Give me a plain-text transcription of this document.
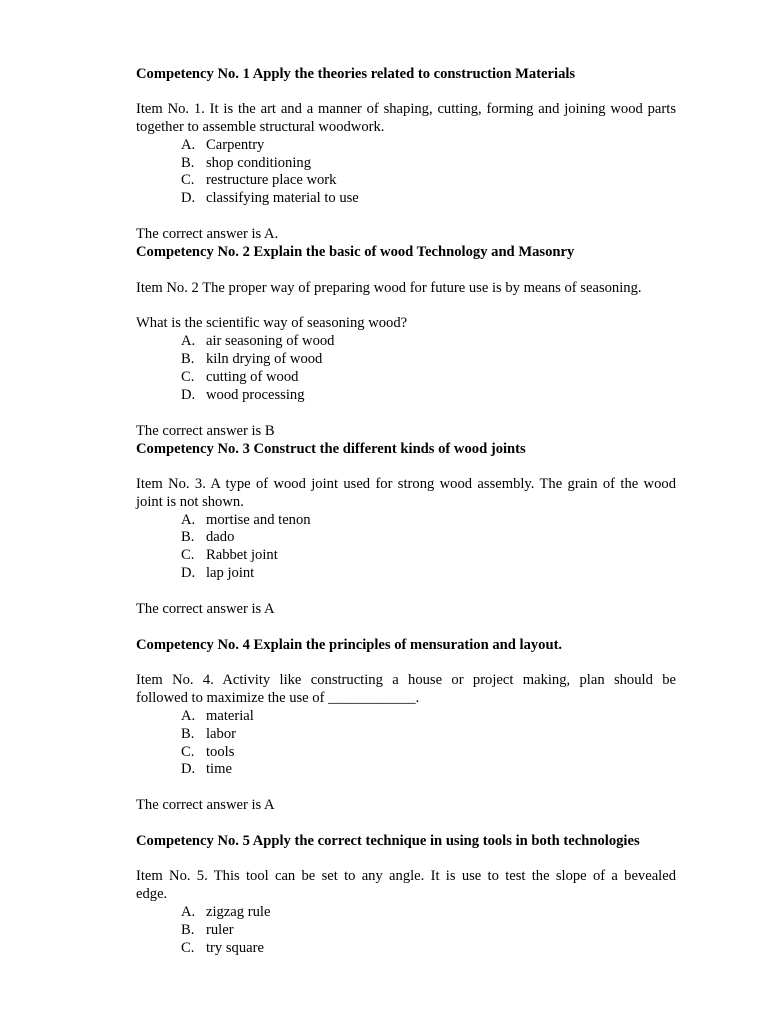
Competency No. 1 Apply the theories related to construction Materials
Item No. 1. It is the art and a manner of shaping, cutting, forming and joining wood parts
together to assemble structural woodwork.
A. Carpentry
B. shop conditioning
C. restructure place work
D. classifying material to use
The correct answer is A.
Competency No. 2 Explain the basic of wood Technology and Masonry
Item No. 2 The proper way of preparing wood for future use is by means of seasoning.
What is the scientific way of seasoning wood?
A. air seasoning of wood
B. kiln drying of wood
C. cutting of wood
D. wood processing
The correct answer is B
Competency No. 3 Construct the different kinds of wood joints
Item No. 3. A type of wood joint used for strong wood assembly. The grain of the wood
joint is not shown.
A. mortise and tenon
B. dado
C. Rabbet joint
D. lap joint
The correct answer is A
Competency No. 4 Explain the principles of mensuration and layout.
Item No. 4. Activity like constructing a house or project making, plan should be
followed to maximize the use of ____________.
A. material
B. labor
C. tools
D. time
The correct answer is A
Competency No. 5 Apply the correct technique in using tools in both technologies
Item No. 5. This tool can be set to any angle. It is use to test the slope of a bevealed
edge.
A. zigzag rule
B. ruler
C. try square
